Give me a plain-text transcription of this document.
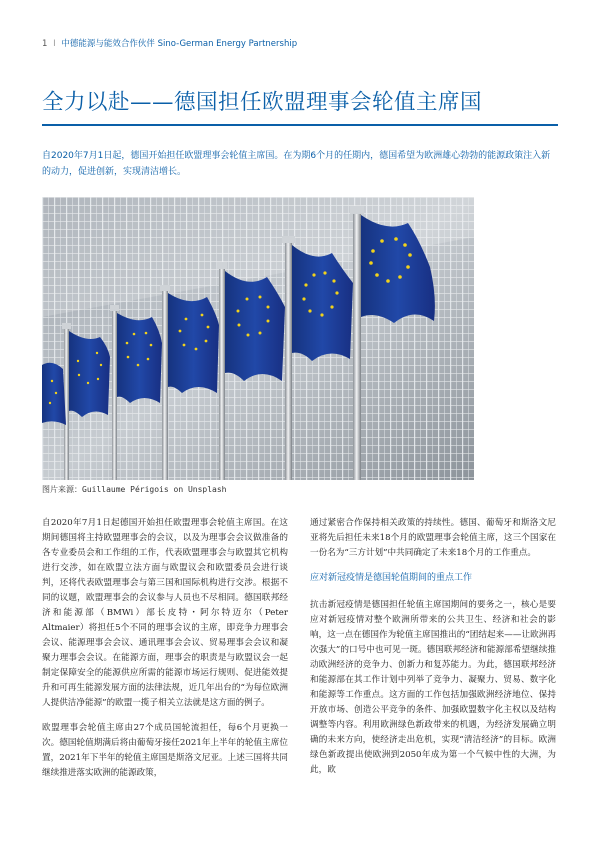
1 I 中德能源与能效合作伙伴 Sino-German Energy Partnership
全力以赴——德国担任欧盟理事会轮值主席国
自2020年7月1日起，德国开始担任欧盟理事会轮值主席国。在为期6个月的任期内，德国希望为欧洲雄心勃勃的能源政策注入新的动力，促进创新，实现清洁增长。
图片来源：Guillaume Périgois on Unsplash

自2020年7月1日起德国开始担任欧盟理事会轮值主席国。在这期间德国将主持欧盟理事会的会议，以及为理事会会议做准备的各专业委员会和工作组的工作，代表欧盟理事会与欧盟其它机构进行交涉，如在欧盟立法方面与欧盟议会和欧盟委员会进行谈判，还将代表欧盟理事会与第三国和国际机构进行交涉。根据不同的议题，欧盟理事会的会议参与人员也不尽相同。德国联邦经济和能源部（BMWi）部长皮特・阿尔特迈尔（Peter Altmaier）将担任5个不同的理事会议的主席，即竞争力理事会会议、能源理事会会议、通讯理事会会议、贸易理事会会议和凝聚力理事会会议。在能源方面，理事会的职责是与欧盟议会一起制定保障安全的能源供应所需的能源市场运行规则、促进能效提升和可再生能源发展方面的法律法规，近几年出台的“为每位欧洲人提供洁净能源”的欧盟一揽子相关立法就是这方面的例子。

欧盟理事会轮值主席由27个成员国轮流担任，每6个月更换一次。德国轮值期满后将由葡萄牙接任2021年上半年的轮值主席位置，2021年下半年的轮值主席国是斯洛文尼亚。上述三国将共同继续推进落实欧洲的能源政策，

通过紧密合作保持相关政策的持续性。德国、葡萄牙和斯洛文尼亚将先后担任未来18个月的欧盟理事会轮值主席，这三个国家在一份名为“三方计划”中共同确定了未来18个月的工作重点。

应对新冠疫情是德国轮值期间的重点工作

抗击新冠疫情是德国担任轮值主席国期间的要务之一，核心是要应对新冠疫情对整个欧洲所带来的公共卫生、经济和社会的影响，这一点在德国作为轮值主席国推出的“团结起来——让欧洲再次强大”的口号中也可见一斑。德国联邦经济和能源部希望继续推动欧洲经济的竞争力、创新力和复苏能力。为此，德国联邦经济和能源部在其工作计划中列举了竞争力、凝聚力、贸易、数字化和能源等工作重点。这方面的工作包括加强欧洲经济地位、保持开放市场、创造公平竞争的条件、加强欧盟数字化主权以及结构调整等内容。利用欧洲绿色新政带来的机遇，为经济发展确立明确的未来方向，使经济走出危机，实现“清洁经济”的目标。欧洲绿色新政提出使欧洲到2050年成为第一个气候中性的大洲，为此，欧
